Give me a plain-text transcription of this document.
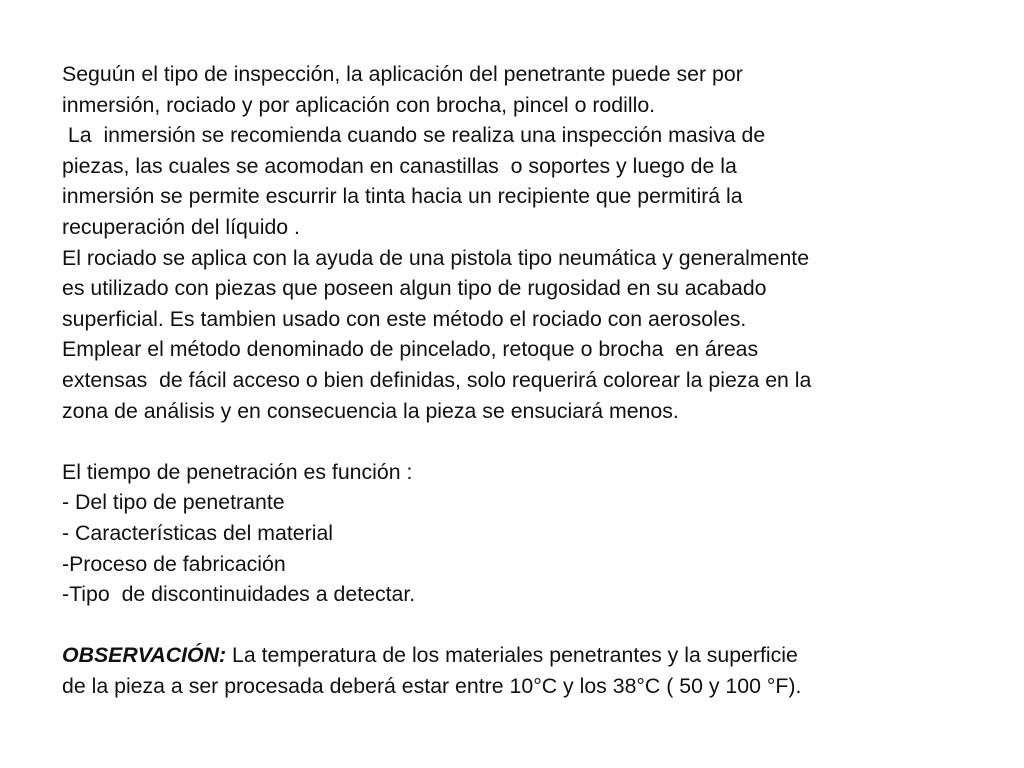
Seguún el tipo de inspección, la aplicación del penetrante puede ser por
inmersión, rociado y por aplicación con brocha, pincel o rodillo.
La  inmersión se recomienda cuando se realiza una inspección masiva de
piezas, las cuales se acomodan en canastillas  o soportes y luego de la
inmersión se permite escurrir la tinta hacia un recipiente que permitirá la
recuperación del líquido .
El rociado se aplica con la ayuda de una pistola tipo neumática y generalmente
es utilizado con piezas que poseen algun tipo de rugosidad en su acabado
superficial. Es tambien usado con este método el rociado con aerosoles.
Emplear el método denominado de pincelado, retoque o brocha  en áreas
extensas  de fácil acceso o bien definidas, solo requerirá colorear la pieza en la
zona de análisis y en consecuencia la pieza se ensuciará menos.
El tiempo de penetración es función :
- Del tipo de penetrante
- Características del material
-Proceso de fabricación
-Tipo  de discontinuidades a detectar.
OBSERVACIÓN: La temperatura de los materiales penetrantes y la superficie
de la pieza a ser procesada deberá estar entre 10°C y los 38°C ( 50 y 100 °F).
